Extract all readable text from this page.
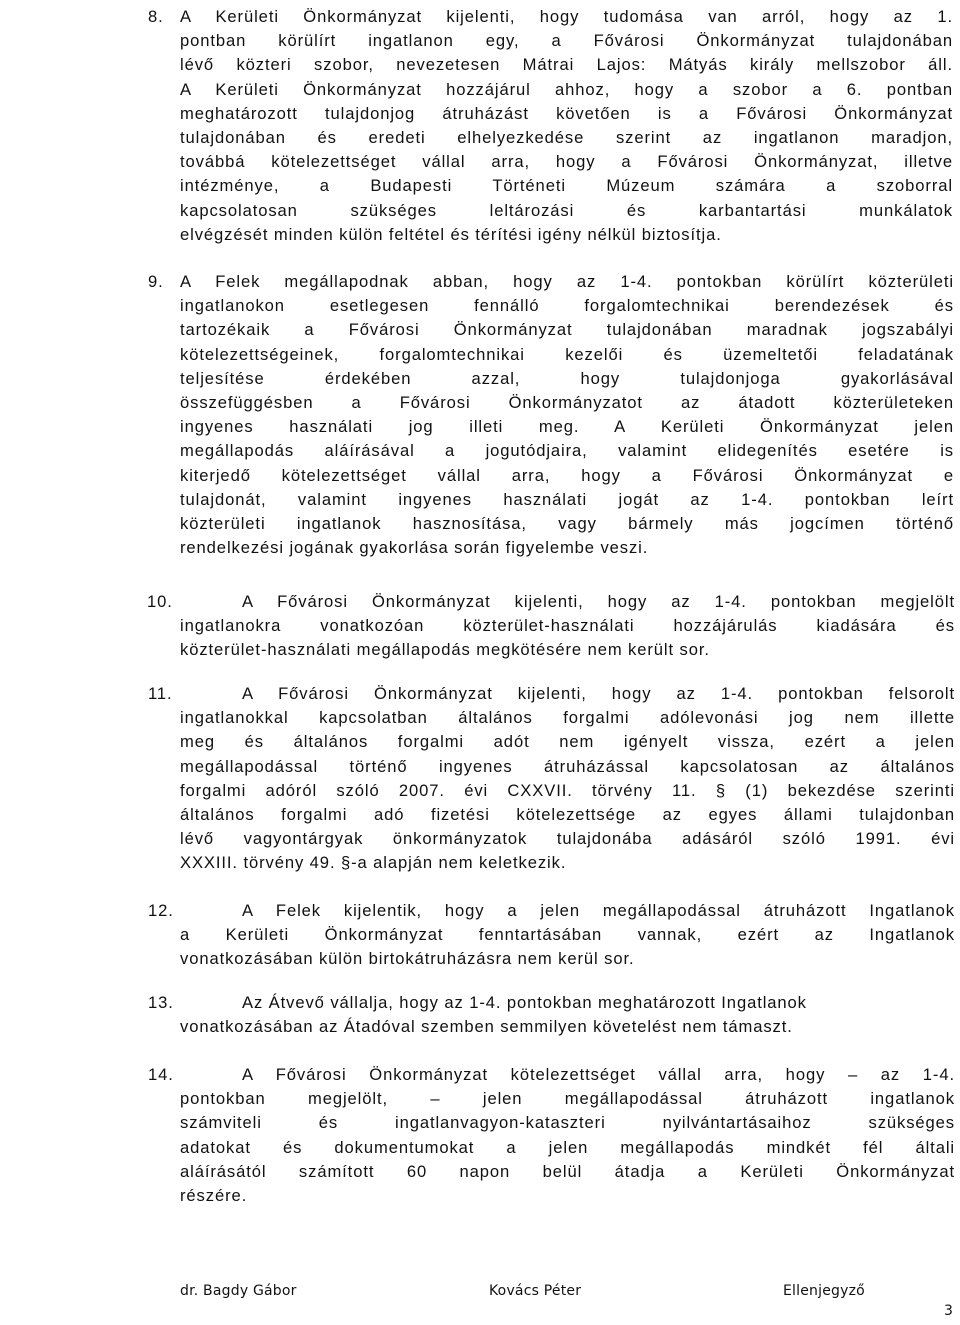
8. A Kerületi Önkormányzat kijelenti, hogy tudomása van arról, hogy az 1.
pontban körülírt ingatlanon egy, a Fővárosi Önkormányzat tulajdonában
lévő közteri szobor, nevezetesen Mátrai Lajos: Mátyás király mellszobor áll.
A Kerületi Önkormányzat hozzájárul ahhoz, hogy a szobor a 6. pontban
meghatározott tulajdonjog átruházást követően is a Fővárosi Önkormányzat
tulajdonában és eredeti elhelyezkedése szerint az ingatlanon maradjon,
továbbá kötelezettséget vállal arra, hogy a Fővárosi Önkormányzat, illetve
intézménye, a Budapesti Történeti Múzeum számára a szoborral
kapcsolatosan szükséges leltározási és karbantartási munkálatok
elvégzését minden külön feltétel és térítési igény nélkül biztosítja.
9. A Felek megállapodnak abban, hogy az 1-4. pontokban körülírt közterületi
ingatlanokon esetlegesen fennálló forgalomtechnikai berendezések és
tartozékaik a Fővárosi Önkormányzat tulajdonában maradnak jogszabályi
kötelezettségeinek, forgalomtechnikai kezelői és üzemeltetői feladatának
teljesítése érdekében azzal, hogy tulajdonjoga gyakorlásával
összefüggésben a Fővárosi Önkormányzatot az átadott közterületeken
ingyenes használati jog illeti meg. A Kerületi Önkormányzat jelen
megállapodás aláírásával a jogutódjaira, valamint elidegenítés esetére is
kiterjedő kötelezettséget vállal arra, hogy a Fővárosi Önkormányzat e
tulajdonát, valamint ingyenes használati jogát az 1-4. pontokban leírt
közterületi ingatlanok hasznosítása, vagy bármely más jogcímen történő
rendelkezési jogának gyakorlása során figyelembe veszi.
10.	A Fővárosi Önkormányzat kijelenti, hogy az 1-4. pontokban megjelölt
ingatlanokra vonatkozóan közterület-használati hozzájárulás kiadására és
közterület-használati megállapodás megkötésére nem került sor.
11.	A Fővárosi Önkormányzat kijelenti, hogy az 1-4. pontokban felsorolt
ingatlanokkal kapcsolatban általános forgalmi adólevonási jog nem illette
meg és általános forgalmi adót nem igényelt vissza, ezért a jelen
megállapodással történő ingyenes átruházással kapcsolatosan az általános
forgalmi adóról szóló 2007. évi CXXVII. törvény 11. § (1) bekezdése szerinti
általános forgalmi adó fizetési kötelezettsége az egyes állami tulajdonban
lévő vagyontárgyak önkormányzatok tulajdonába adásáról szóló 1991. évi
XXXIII. törvény 49. §-a alapján nem keletkezik.
12.	A Felek kijelentik, hogy a jelen megállapodással átruházott Ingatlanok
a Kerületi Önkormányzat fenntartásában vannak, ezért az Ingatlanok
vonatkozásában külön birtokátruházásra nem kerül sor.
13.	Az Átvevő vállalja, hogy az 1-4. pontokban meghatározott Ingatlanok
vonatkozásában az Átadóval szemben semmilyen követelést nem támaszt.
14.	A Fővárosi Önkormányzat kötelezettséget vállal arra, hogy – az 1-4.
pontokban megjelölt, – jelen megállapodással átruházott ingatlanok
számviteli és ingatlanvagyon-kataszteri nyilvántartásaihoz szükséges
adatokat és dokumentumokat a jelen megállapodás mindkét fél általi
aláírásától számított 60 napon belül átadja a Kerületi Önkormányzat
részére.
dr. Bagdy Gábor	Kovács Péter	Ellenjegyző
3
